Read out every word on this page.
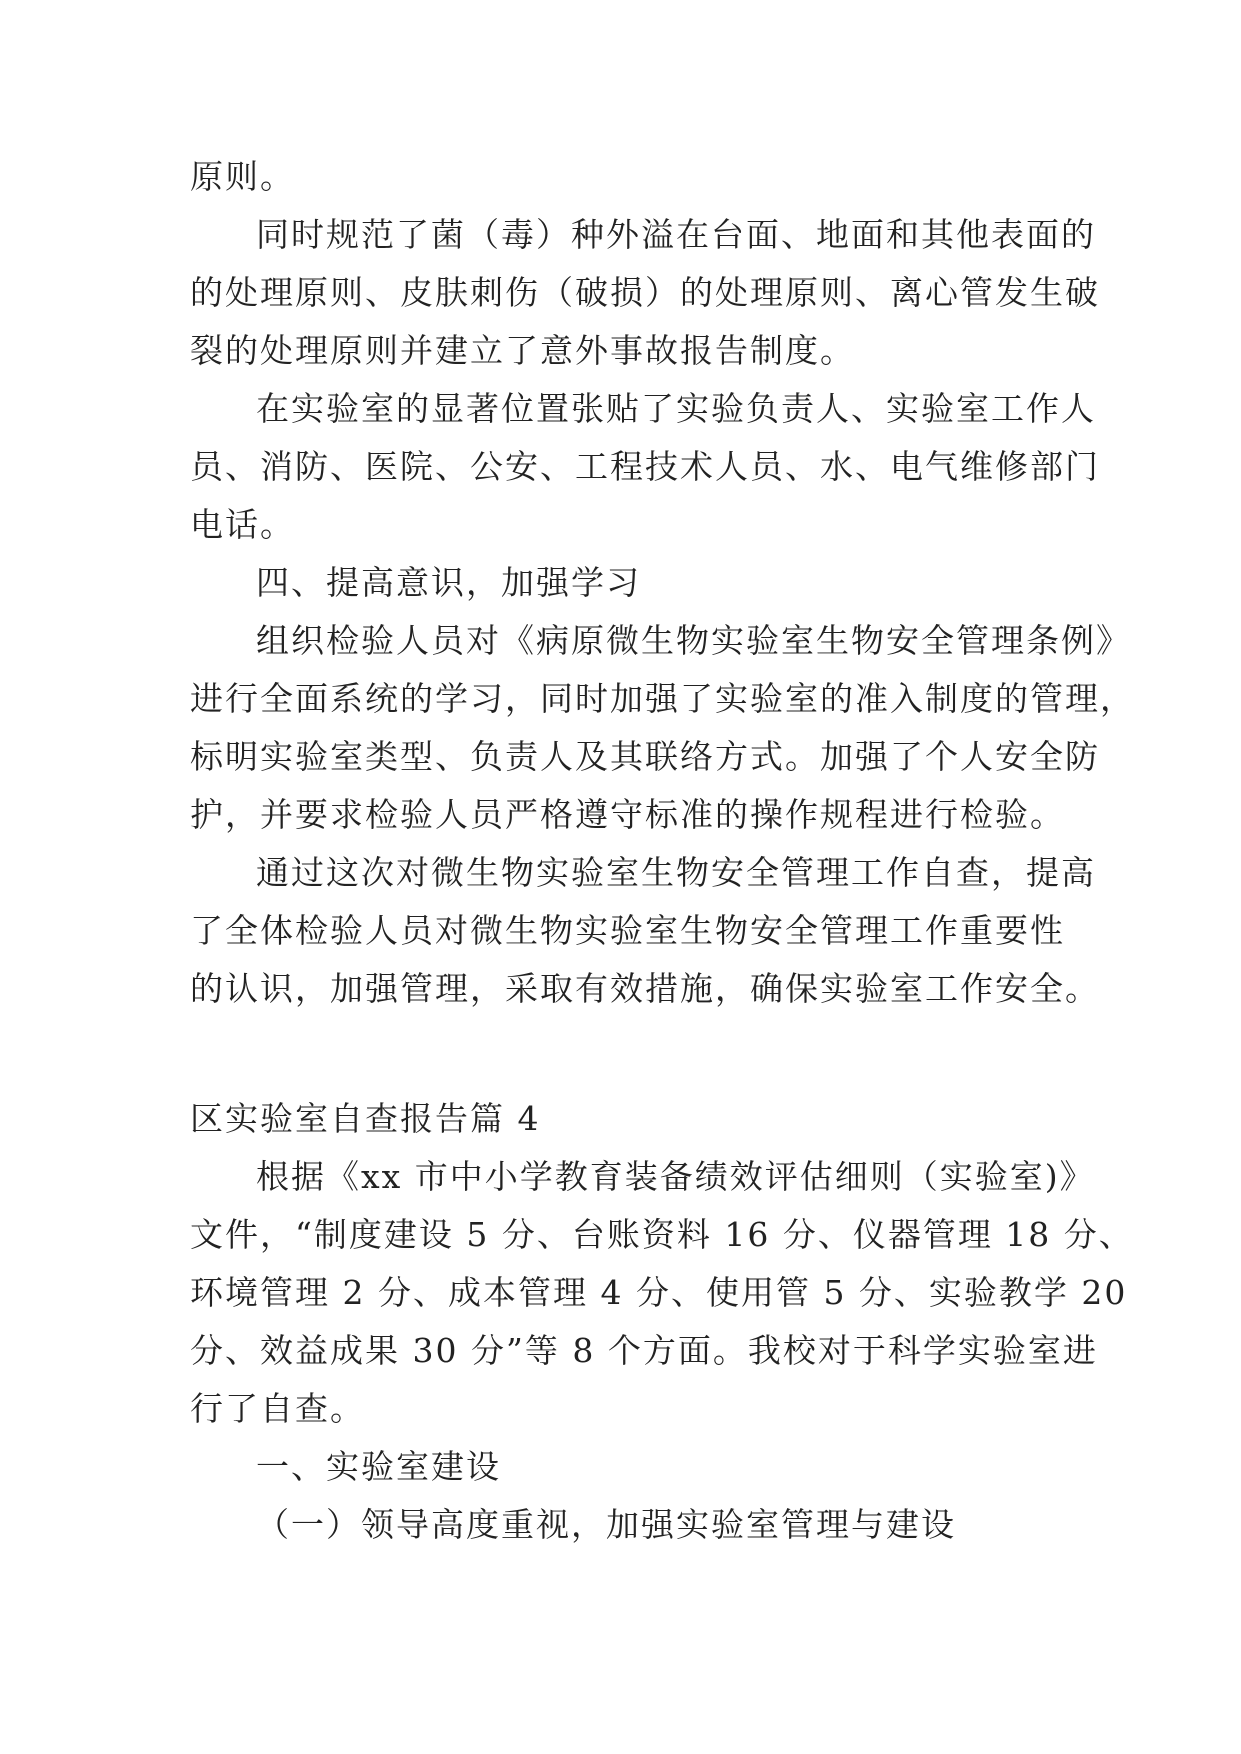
原则。
同时规范了菌（毒）种外溢在台面、地面和其他表面的
的处理原则、皮肤刺伤（破损）的处理原则、离心管发生破
裂的处理原则并建立了意外事故报告制度。
在实验室的显著位置张贴了实验负责人、实验室工作人
员、消防、医院、公安、工程技术人员、水、电气维修部门
电话。
四、提高意识，加强学习
组织检验人员对《病原微生物实验室生物安全管理条例》
进行全面系统的学习，同时加强了实验室的准入制度的管理，
标明实验室类型、负责人及其联络方式。加强了个人安全防
护，并要求检验人员严格遵守标准的操作规程进行检验。
通过这次对微生物实验室生物安全管理工作自查，提高
了全体检验人员对微生物实验室生物安全管理工作重要性
的认识，加强管理，采取有效措施，确保实验室工作安全。
区实验室自查报告篇 4
根据《xx 市中小学教育装备绩效评估细则（实验室)》
文件，“制度建设 5 分、台账资料 16 分、仪器管理 18 分、
环境管理 2 分、成本管理 4 分、使用管 5 分、实验教学 20
分、效益成果 30 分”等 8 个方面。我校对于科学实验室进
行了自查。
一、实验室建设
（一）领导高度重视，加强实验室管理与建设
